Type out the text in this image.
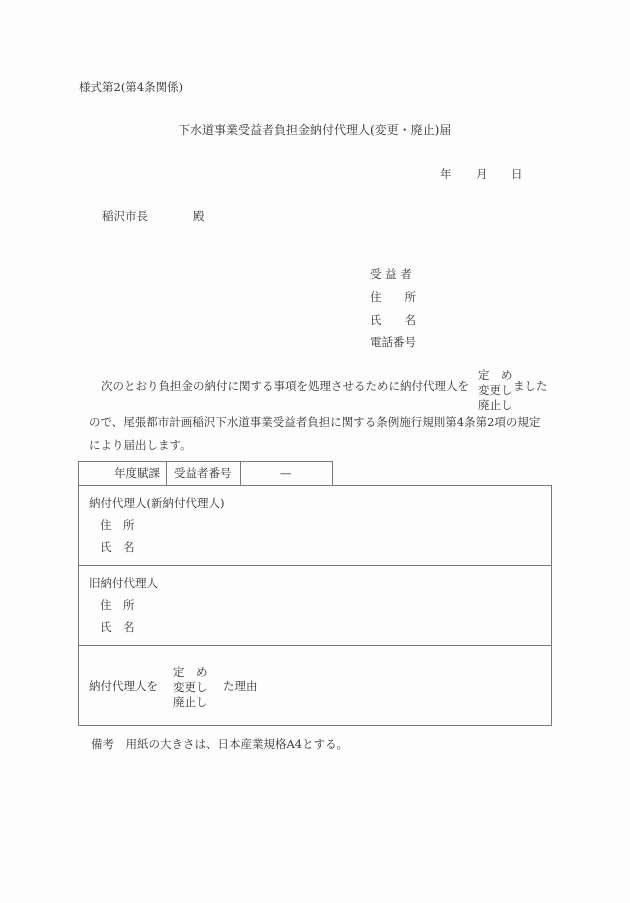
様式第2(第4条関係)
下水道事業受益者負担金納付代理人(変更・廃止)届
年 月 日
稲沢市長	殿
受 益 者
住　　所
氏　　名
電話番号
次のとおり負担金の納付に関する事項を処理させるために納付代理人を
定　め
変更し
廃止し
ました
ので、尾張都市計画稲沢下水道事業受益者負担に関する条例施行規則第4条第2項の規定
により届出します。
年度賦課 受益者番号	—
納付代理人(新納付代理人)
住　所
氏　名
旧納付代理人
住　所
氏　名
納付代理人を
定　め
変更し
廃止し
た理由
備考　用紙の大きさは、日本産業規格A4とする。
